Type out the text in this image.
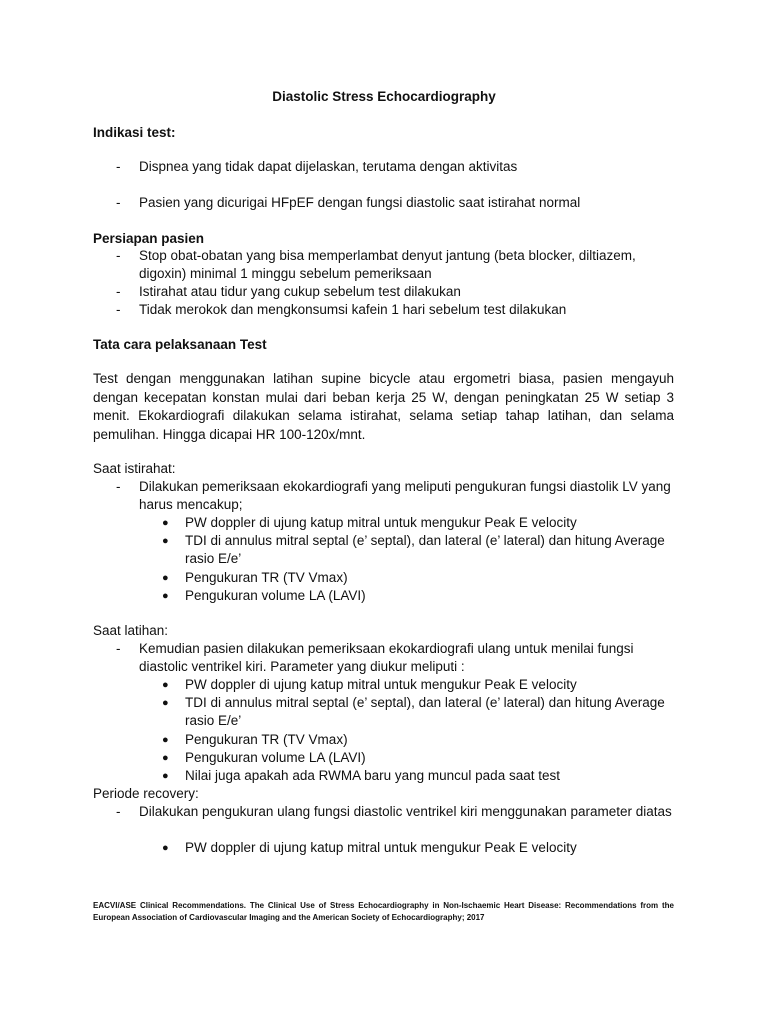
Diastolic Stress Echocardiography
Indikasi test:
-	Dispnea yang tidak dapat dijelaskan, terutama dengan aktivitas
-	Pasien yang dicurigai HFpEF dengan fungsi diastolic saat istirahat normal
Persiapan pasien
-	Stop obat-obatan yang bisa memperlambat denyut jantung (beta blocker, diltiazem, digoxin) minimal 1 minggu sebelum pemeriksaan
-	Istirahat atau tidur yang cukup sebelum test dilakukan
-	Tidak merokok dan mengkonsumsi kafein 1 hari sebelum test dilakukan
Tata cara pelaksanaan Test
Test dengan menggunakan latihan supine bicycle atau ergometri biasa, pasien mengayuh dengan kecepatan konstan mulai dari beban kerja 25 W, dengan peningkatan 25 W setiap 3 menit. Ekokardiografi dilakukan selama istirahat, selama setiap tahap latihan, dan selama pemulihan. Hingga dicapai HR 100-120x/mnt.
Saat istirahat:
-	Dilakukan pemeriksaan ekokardiografi yang meliputi pengukuran fungsi diastolik LV yang harus mencakup;
● PW doppler di ujung katup mitral untuk mengukur Peak E velocity
● TDI di annulus mitral septal (e’ septal), dan lateral (e’ lateral) dan hitung Average rasio E/e’
● Pengukuran TR (TV Vmax)
● Pengukuran volume LA (LAVI)
Saat latihan:
-	Kemudian pasien dilakukan pemeriksaan ekokardiografi ulang untuk menilai fungsi diastolic ventrikel kiri. Parameter yang diukur meliputi :
● PW doppler di ujung katup mitral untuk mengukur Peak E velocity
● TDI di annulus mitral septal (e’ septal), dan lateral (e’ lateral) dan hitung Average rasio E/e’
● Pengukuran TR (TV Vmax)
● Pengukuran volume LA (LAVI)
● Nilai juga apakah ada RWMA baru yang muncul pada saat test
Periode recovery:
-	Dilakukan pengukuran ulang fungsi diastolic ventrikel kiri menggunakan parameter diatas
● PW doppler di ujung katup mitral untuk mengukur Peak E velocity
EACVI/ASE Clinical Recommendations. The Clinical Use of Stress Echocardiography in Non-Ischaemic Heart Disease: Recommendations from the European Association of Cardiovascular Imaging and the American Society of Echocardiography; 2017
